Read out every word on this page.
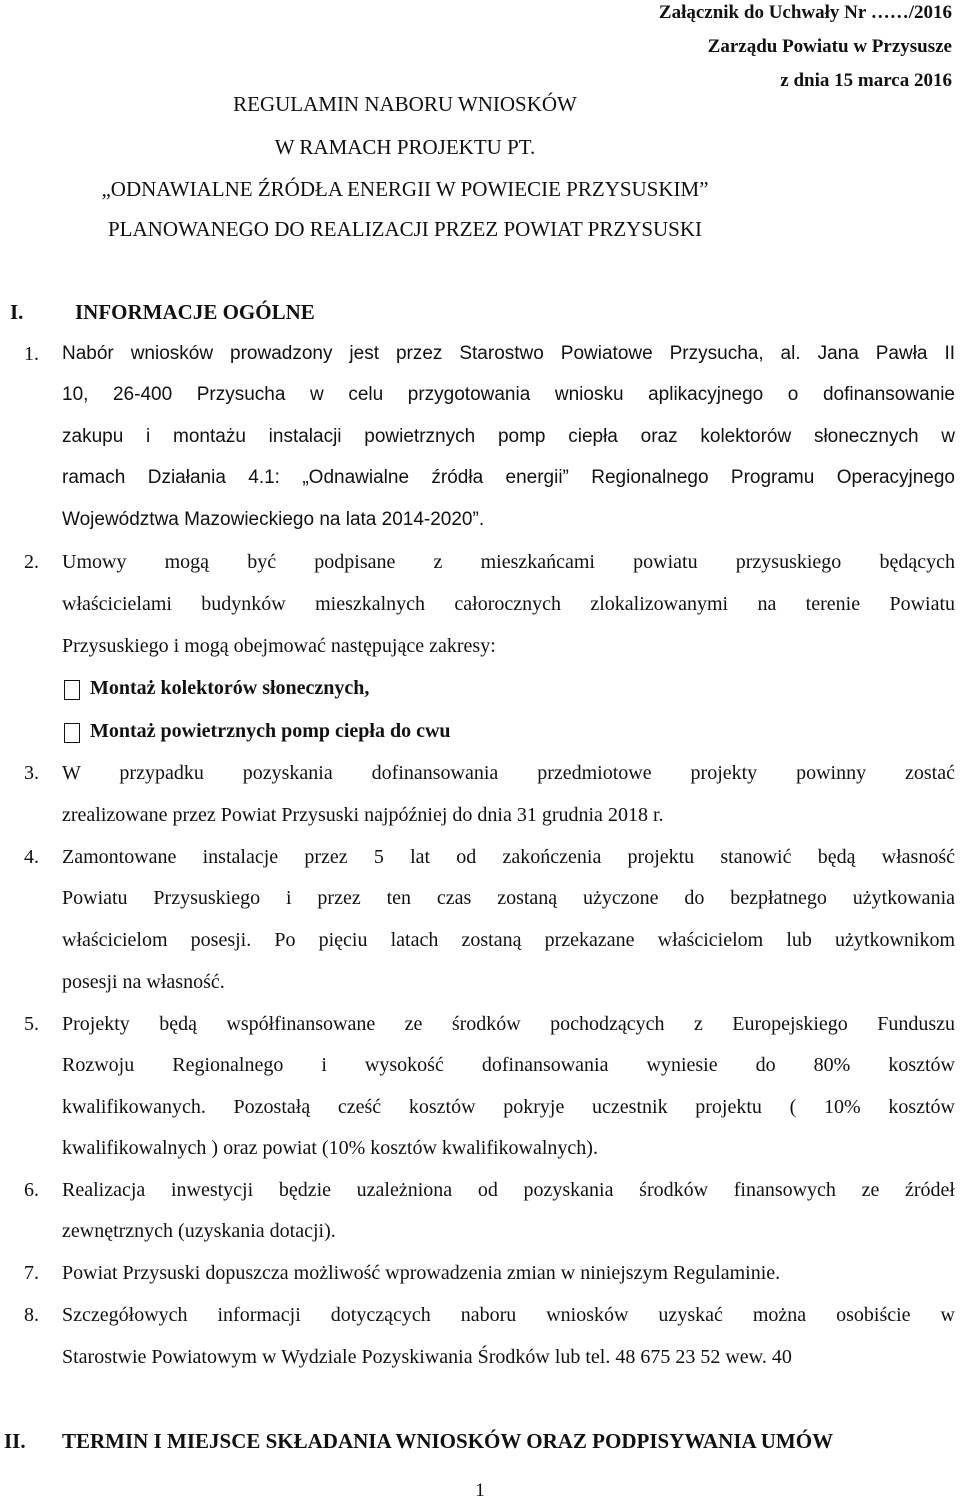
Załącznik do Uchwały Nr ……/2016
Zarządu Powiatu w Przysusze
z dnia 15 marca 2016
REGULAMIN NABORU WNIOSKÓW
W RAMACH PROJEKTU PT.
„ODNAWIALNE ŹRÓDŁA ENERGII W POWIECIE PRZYSUSKIM”
PLANOWANEGO DO REALIZACJI PRZEZ POWIAT PRZYSUSKI
I. INFORMACJE OGÓLNE
1. Nabór wniosków prowadzony jest przez Starostwo Powiatowe Przysucha, al. Jana Pawła II
10, 26-400 Przysucha w celu przygotowania wniosku aplikacyjnego o dofinansowanie
zakupu i montażu instalacji powietrznych pomp ciepła oraz kolektorów słonecznych w
ramach Działania 4.1: „Odnawialne źródła energii” Regionalnego Programu Operacyjnego
Województwa Mazowieckiego na lata 2014-2020”.
2. Umowy mogą być podpisane z mieszkańcami powiatu przysuskiego będących
właścicielami budynków mieszkalnych całorocznych zlokalizowanymi na terenie Powiatu
Przysuskiego i mogą obejmować następujące zakresy:
Montaż kolektorów słonecznych,
Montaż powietrznych pomp ciepła do cwu
3. W przypadku pozyskania dofinansowania przedmiotowe projekty powinny zostać
zrealizowane przez Powiat Przysuski najpóźniej do dnia 31 grudnia 2018 r.
4. Zamontowane instalacje przez 5 lat od zakończenia projektu stanowić będą własność
Powiatu Przysuskiego i przez ten czas zostaną użyczone do bezpłatnego użytkowania
właścicielom posesji. Po pięciu latach zostaną przekazane właścicielom lub użytkownikom
posesji na własność.
5. Projekty będą współfinansowane ze środków pochodzących z Europejskiego Funduszu
Rozwoju Regionalnego i wysokość dofinansowania wyniesie do 80% kosztów
kwalifikowanych. Pozostałą cześć kosztów pokryje uczestnik projektu ( 10% kosztów
kwalifikowalnych ) oraz powiat (10% kosztów kwalifikowalnych).
6. Realizacja inwestycji będzie uzależniona od pozyskania środków finansowych ze źródeł
zewnętrznych (uzyskania dotacji).
7. Powiat Przysuski dopuszcza możliwość wprowadzenia zmian w niniejszym Regulaminie.
8. Szczegółowych informacji dotyczących naboru wniosków uzyskać można osobiście w
Starostwie Powiatowym w Wydziale Pozyskiwania Środków lub tel. 48 675 23 52 wew. 40
II. TERMIN I MIEJSCE SKŁADANIA WNIOSKÓW ORAZ PODPISYWANIA UMÓW
1
